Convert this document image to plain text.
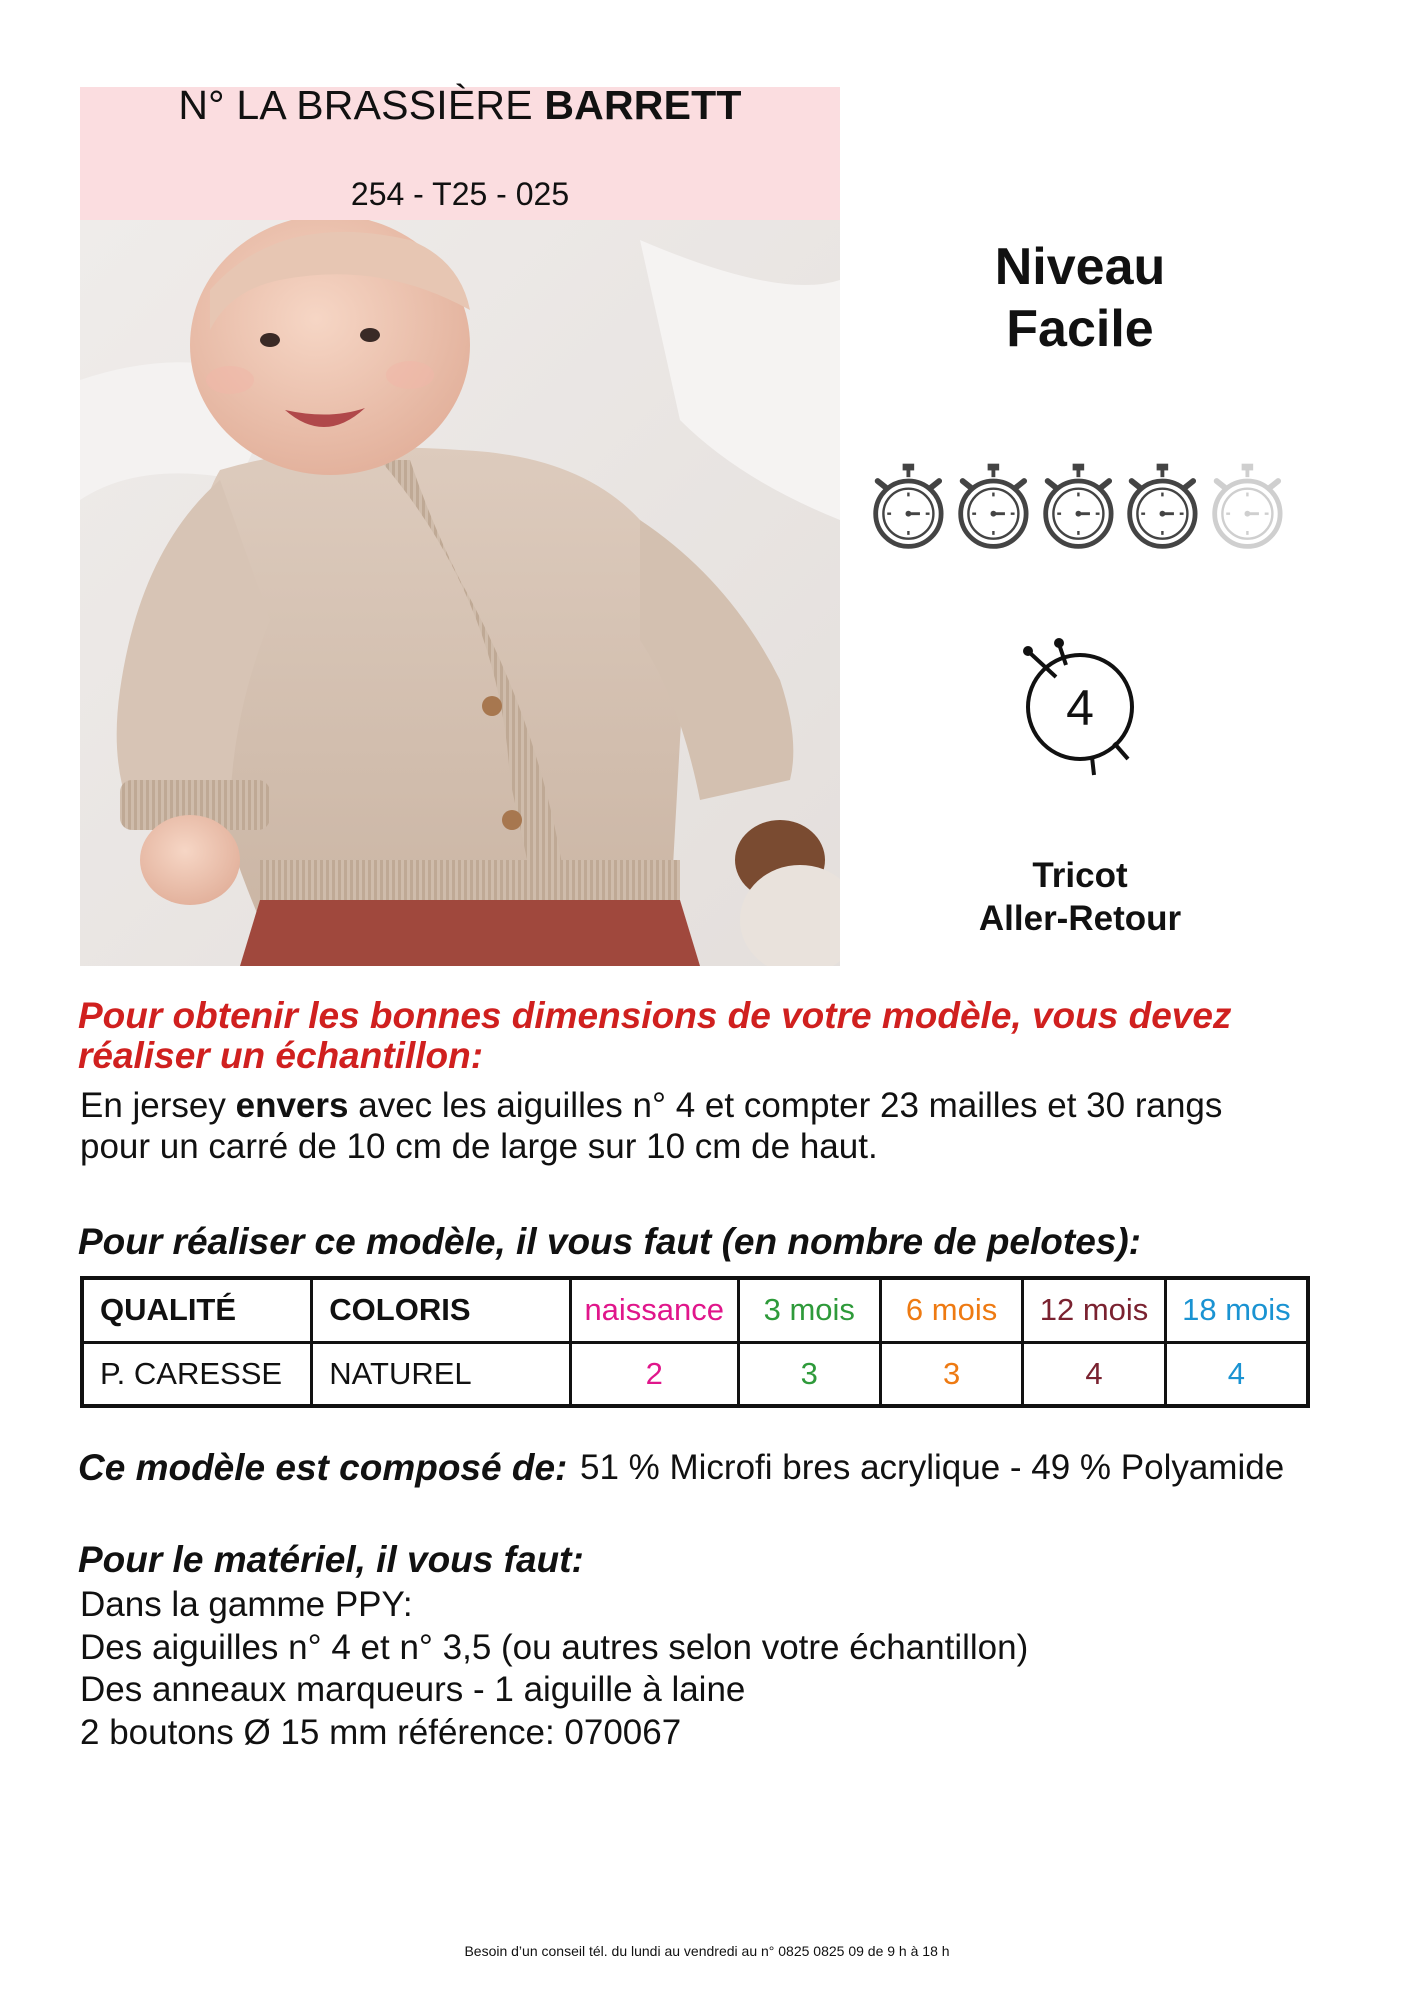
N° LA BRASSIÈRE BARRETT
254 - T25 - 025
Niveau
Facile
4
Tricot
Aller-Retour
Pour obtenir les bonnes dimensions de votre modèle, vous devez
réaliser un échantillon:
En jersey envers avec les aiguilles n° 4 et compter 23 mailles et 30 rangs
pour un carré de 10 cm de large sur 10 cm de haut.
Pour réaliser ce modèle, il vous faut (en nombre de pelotes):
QUALITÉ	COLORIS	naissance	3 mois	6 mois	12 mois	18 mois
P. CARESSE	NATUREL	2	3	3	4	4
Ce modèle est composé de: 51 % Microfi bres acrylique - 49 % Polyamide
Pour le matériel, il vous faut:
Dans la gamme PPY:
Des aiguilles n° 4 et n° 3,5 (ou autres selon votre échantillon)
Des anneaux marqueurs - 1 aiguille à laine
2 boutons Ø 15 mm référence: 070067
Besoin d’un conseil tél. du lundi au vendredi au n° 0825 0825 09 de 9 h à 18 h
